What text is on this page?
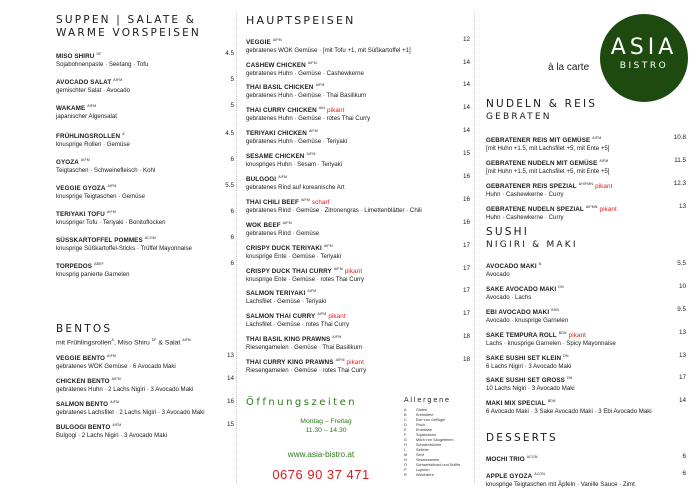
SUPPEN | SALATE &
WARME VORSPEISEN
MISO SHIRU $^{DF}$
Sojabohnenpaste · Seetang · Tofu
4.5
AVOCADO SALAT $^{AIFM}$
gemischter Salat · Avocado
5
WAKAME $^{AIFM}$
japanischer Algensalat
5
FRÜHLINGSROLLEN $^A$
knusprige Rollen · Gemüse
4.5
GYOZA $^{AIFM}$
Teigtaschen · Schweinefleisch · Kohl
6
VEGGIE GYOZA $^{AIFM}$
knusprige Teigtaschen · Gemüse
5.5
TERIYAKI TOFU $^{AIFM}$
knuspriger Tofu · Teriyaki · Bonitoflocken
6
SÜSSKARTOFFEL POMMES $^{ACGM}$
knusprige Süßkartoffel-Sticks · Trüffel Mayonnaise
6
TORPEDOS $^{ABEF}$
knusprig panierte Garnelen
6
BENTOS
mit Frühlingsrollen$^A$, Miso Shiru $^{DF}$ & Salat $^{AIFM}$
VEGGIE BENTO $^{AIFM}$
gebratenes WOK Gemüse · 6 Avocado Maki
13
CHICKEN BENTO $^{AIFM}$
gebratenes Huhn · 2 Lachs Nigiri · 3 Avocado Maki
14
SALMON BENTO $^{AIFM}$
gebratenes Lachsfilet · 2 Lachs Nigiri · 3 Avocado Maki
16
BULGOGI BENTO $^{AIFM}$
Bulgogi · 2 Lachs Nigiri · 3 Avocado Maki
15
HAUPTSPEISEN
VEGGIE $^{AIFM}$
gebratenes WOK Gemüse · [mit Tofu +1, mit Süßkartoffel +1]
12
CASHEW CHICKEN $^{AIFM}$
gebratenes Huhn · Gemüse · Cashewkerne
14
THAI BASIL CHICKEN $^{AIFM}$
gebratenes Huhn · Gemüse · Thai Basilikum
14
THAI CURRY CHICKEN $^{AIN}$ pikant
gebratenes Huhn · Gemüse · rotes Thai Curry
14
TERIYAKI CHICKEN $^{AIFM}$
gebratenes Huhn · Gemüse · Teriyaki
14
SESAME CHICKEN $^{AIFM}$
knuspriges Huhn · Sesam · Teriyaki
15
BULGOGI $^{AIFM}$
gebratenes Rind auf koreanische Art
16
THAI CHILI BEEF $^{AIFM}$ scharf
gebratenes Rind · Gemüse · Zitronengras · Limettenblätter · Chili
16
WOK BEEF $^{AIFM}$
gebratenes Rind · Gemüse
16
CRISPY DUCK TERIYAKI $^{AIFM}$
knusprige Ente · Gemüse · Teriyaki
17
CRISPY DUCK THAI CURRY $^{AIFM}$ pikant
knusprige Ente · Gemüse · rotes Thai Curry
17
SALMON TERIYAKI $^{AIFM}$
Lachsfilet · Gemüse · Teriyaki
17
SALMON THAI CURRY $^{AIFM}$ pikant
Lachsfilet · Gemüse · rotes Thai Curry
17
THAI BASIL KING PRAWNS $^{AIFM}$
Riesengarnelen · Gemüse · Thai Basilikum
18
THAI CURRY KING PRAWNS $^{AIFM}$ pikant
Riesengarnelen · Gemüse · rotes Thai Curry
18
Öffnungszeiten
Montag – Freitag
11.30 – 14.30
www.asia-bistro.at
0676 90 37 471
Allergene
A Gluten
B Krebstiere
C Eier von Geflügel
D Fisch
E Erdnüsse
F	Sojabohnen
G Milch von Säugetieren
H Schalenfrüchte
L	Sellerie
M Senf
N Sesamsamen
O Schwefeldioxid und Sulfite
P Lupinen
R Weichtiere
ASIA
BISTRO
à la carte
NUDELN & REIS
GEBRATEN
GEBRATENER REIS MIT GEMÜSE $^{AIFM}$
[mit Huhn +1.5, mit Lachsfilet +5, mit Ente +5]
10.8
GEBRATENE NUDELN MIT GEMÜSE $^{AIFM}$
[mit Huhn +1.5, mit Lachsfilet +5, mit Ente +5]
11.5
GEBRATENER REIS SPEZIAL $^{AHIFMN}$ pikant
Huhn · Cashewkerne · Curry
12.3
GEBRATENE NUDELN SPEZIAL $^{AIFMN}$ pikant
Huhn · Cashewkerne · Curry
13
SUSHI
NIGIRI & MAKI
AVOCADO MAKI $^N$
Avocado
5.5
SAKE AVOCADO MAKI $^{DN}$
Avocado · Lachs
10
EBI AVOCADO MAKI $^{BDN}$
Avocado · knusprige Garnelen
9.5
SAKE TEMPURA ROLL $^{BDN}$ pikant
Lachs · knusprige Garnelen · Spicy Mayonnaise
13
SAKE SUSHI SET KLEIN $^{DN}$
6 Lachs Nigiri · 3 Avocado Maki
13
SAKE SUSHI SET GROSS $^{DN}$
10 Lachs Nigiri · 3 Avocado Maki
17
MAKI MIX SPECIAL $^{BDN}$
6 Avocado Maki · 3 Sake Avocado Maki · 3 Ebi Avocado Maki
14
DESSERTS
MOCHI TRIO $^{ACGN}$	6
APPLE GYOZA $^{ACGN}$
knusprige Teigtaschen mit Äpfeln · Vanille Sauce · Zimt
6
